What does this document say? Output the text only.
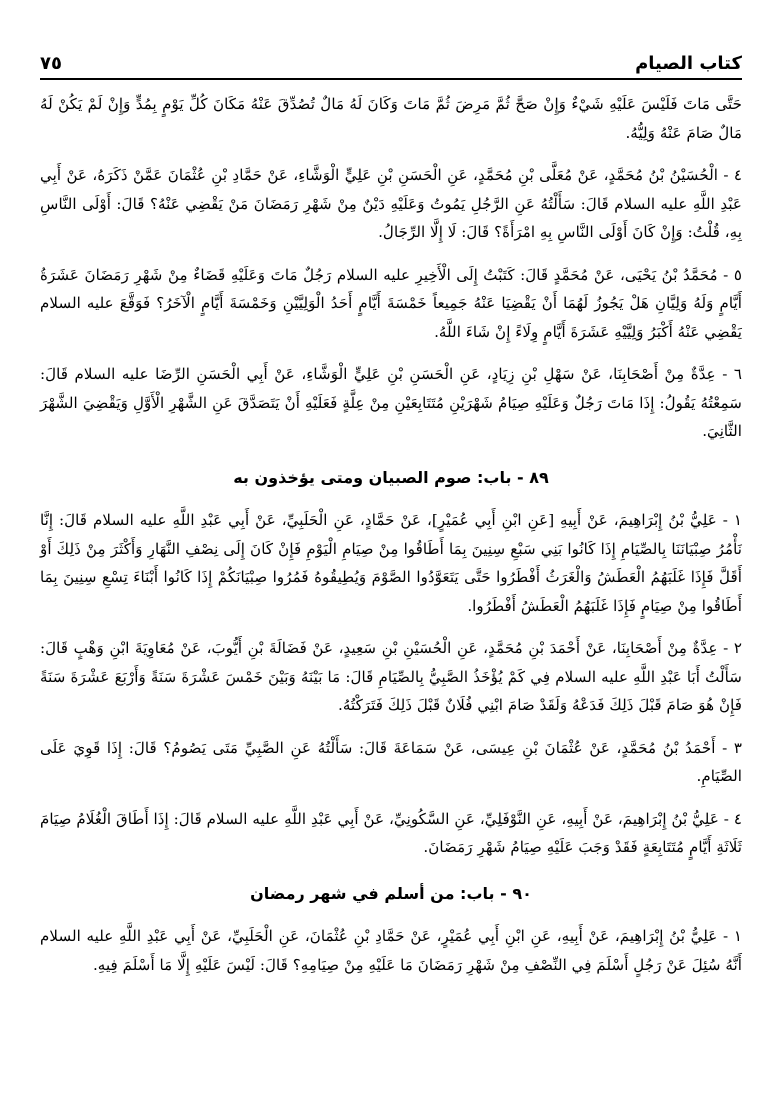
كتاب الصيام
٧٥

حَتَّى مَاتَ فَلَيْسَ عَلَيْهِ شَيْءٌ وَإِنْ صَحَّ ثُمَّ مَرِضَ ثُمَّ مَاتَ وَكَانَ لَهُ مَالٌ تُصُدِّقَ عَنْهُ مَكَانَ كُلِّ يَوْمٍ بِمُدٍّ وَإِنْ لَمْ يَكُنْ لَهُ مَالٌ صَامَ عَنْهُ وَلِيُّهُ.

٤ - الْحُسَيْنُ بْنُ مُحَمَّدٍ، عَنْ مُعَلَّى بْنِ مُحَمَّدٍ، عَنِ الْحَسَنِ بْنِ عَلِيٍّ الْوَشَّاءِ، عَنْ حَمَّادِ بْنِ عُثْمَانَ عَمَّنْ ذَكَرَهُ، عَنْ أَبِي عَبْدِ اللَّهِ عليه السلام قَالَ: سَأَلْتُهُ عَنِ الرَّجُلِ يَمُوتُ وَعَلَيْهِ دَيْنٌ مِنْ شَهْرِ رَمَضَانَ مَنْ يَقْضِي عَنْهُ؟ قَالَ: أَوْلَى النَّاسِ بِهِ، قُلْتُ: وَإِنْ كَانَ أَوْلَى النَّاسِ بِهِ امْرَأَةً؟ قَالَ: لَا إِلَّا الرِّجَالُ.

٥ - مُحَمَّدُ بْنُ يَحْيَى، عَنْ مُحَمَّدٍ قَالَ: كَتَبْتُ إِلَى الْأَخِيرِ عليه السلام رَجُلٌ مَاتَ وَعَلَيْهِ قَضَاءٌ مِنْ شَهْرِ رَمَضَانَ عَشَرَةُ أَيَّامٍ وَلَهُ وَلِيَّانِ هَلْ يَجُوزُ لَهُمَا أَنْ يَقْضِيَا عَنْهُ جَمِيعاً خَمْسَةَ أَيَّامٍ أَحَدُ الْوَلِيَّيْنِ وَخَمْسَةَ أَيَّامٍ الْآخَرُ؟ فَوَقَّعَ عليه السلام يَقْضِي عَنْهُ أَكْبَرُ وَلِيَّيْهِ عَشَرَةَ أَيَّامٍ وِلَاءً إِنْ شَاءَ اللَّهُ.

٦ - عِدَّةٌ مِنْ أَصْحَابِنَا، عَنْ سَهْلِ بْنِ زِيَادٍ، عَنِ الْحَسَنِ بْنِ عَلِيٍّ الْوَشَّاءِ، عَنْ أَبِي الْحَسَنِ الرِّضَا عليه السلام قَالَ: سَمِعْتُهُ يَقُولُ: إِذَا مَاتَ رَجُلٌ وَعَلَيْهِ صِيَامُ شَهْرَيْنِ مُتَتَابِعَيْنِ مِنْ عِلَّةٍ فَعَلَيْهِ أَنْ يَتَصَدَّقَ عَنِ الشَّهْرِ الْأَوَّلِ وَيَقْضِيَ الشَّهْرَ الثَّانِيَ.

٨٩ - باب: صوم الصبيان ومتى يؤخذون به

١ - عَلِيُّ بْنُ إِبْرَاهِيمَ، عَنْ أَبِيهِ [عَنِ ابْنِ أَبِي عُمَيْرٍ]، عَنْ حَمَّادٍ، عَنِ الْحَلَبِيِّ، عَنْ أَبِي عَبْدِ اللَّهِ عليه السلام قَالَ: إِنَّا نَأْمُرُ صِبْيَانَنَا بِالصِّيَامِ إِذَا كَانُوا بَنِي سَبْعِ سِنِينَ بِمَا أَطَاقُوا مِنْ صِيَامِ الْيَوْمِ فَإِنْ كَانَ إِلَى نِصْفِ النَّهَارِ وَأَكْثَرَ مِنْ ذَلِكَ أَوْ أَقَلَّ فَإِذَا غَلَبَهُمُ الْعَطَشُ وَالْغَرَثُ أَفْطَرُوا حَتَّى يَتَعَوَّدُوا الصَّوْمَ وَيُطِيقُوهُ فَمُرُوا صِبْيَانَكُمْ إِذَا كَانُوا أَبْنَاءَ تِسْعِ سِنِينَ بِمَا أَطَاقُوا مِنْ صِيَامٍ فَإِذَا غَلَبَهُمُ الْعَطَشُ أَفْطَرُوا.

٢ - عِدَّةٌ مِنْ أَصْحَابِنَا، عَنْ أَحْمَدَ بْنِ مُحَمَّدٍ، عَنِ الْحُسَيْنِ بْنِ سَعِيدٍ، عَنْ فَضَالَةَ بْنِ أَيُّوبَ، عَنْ مُعَاوِيَةَ ابْنِ وَهْبٍ قَالَ: سَأَلْتُ أَبَا عَبْدِ اللَّهِ عليه السلام فِي كَمْ يُؤْخَذُ الصَّبِيُّ بِالصِّيَامِ قَالَ: مَا بَيْنَهُ وَبَيْنَ خَمْسَ عَشْرَةَ سَنَةً وَأَرْبَعَ عَشْرَةَ سَنَةً فَإِنْ هُوَ صَامَ قَبْلَ ذَلِكَ فَدَعْهُ وَلَقَدْ صَامَ ابْنِي فُلَانٌ قَبْلَ ذَلِكَ فَتَرَكْتُهُ.

٣ - أَحْمَدُ بْنُ مُحَمَّدٍ، عَنْ عُثْمَانَ بْنِ عِيسَى، عَنْ سَمَاعَةَ قَالَ: سَأَلْتُهُ عَنِ الصَّبِيِّ مَتَى يَصُومُ؟ قَالَ: إِذَا قَوِيَ عَلَى الصِّيَامِ.

٤ - عَلِيُّ بْنُ إِبْرَاهِيمَ، عَنْ أَبِيهِ، عَنِ النَّوْفَلِيِّ، عَنِ السَّكُونِيِّ، عَنْ أَبِي عَبْدِ اللَّهِ عليه السلام قَالَ: إِذَا أَطَاقَ الْغُلَامُ صِيَامَ ثَلَاثَةِ أَيَّامٍ مُتَتَابِعَةٍ فَقَدْ وَجَبَ عَلَيْهِ صِيَامُ شَهْرِ رَمَضَانَ.

٩٠ - باب: من أسلم في شهر رمضان

١ - عَلِيُّ بْنُ إِبْرَاهِيمَ، عَنْ أَبِيهِ، عَنِ ابْنِ أَبِي عُمَيْرٍ، عَنْ حَمَّادِ بْنِ عُثْمَانَ، عَنِ الْحَلَبِيِّ، عَنْ أَبِي عَبْدِ اللَّهِ عليه السلام أَنَّهُ سُئِلَ عَنْ رَجُلٍ أَسْلَمَ فِي النِّصْفِ مِنْ شَهْرِ رَمَضَانَ مَا عَلَيْهِ مِنْ صِيَامِهِ؟ قَالَ: لَيْسَ عَلَيْهِ إِلَّا مَا أَسْلَمَ فِيهِ.
